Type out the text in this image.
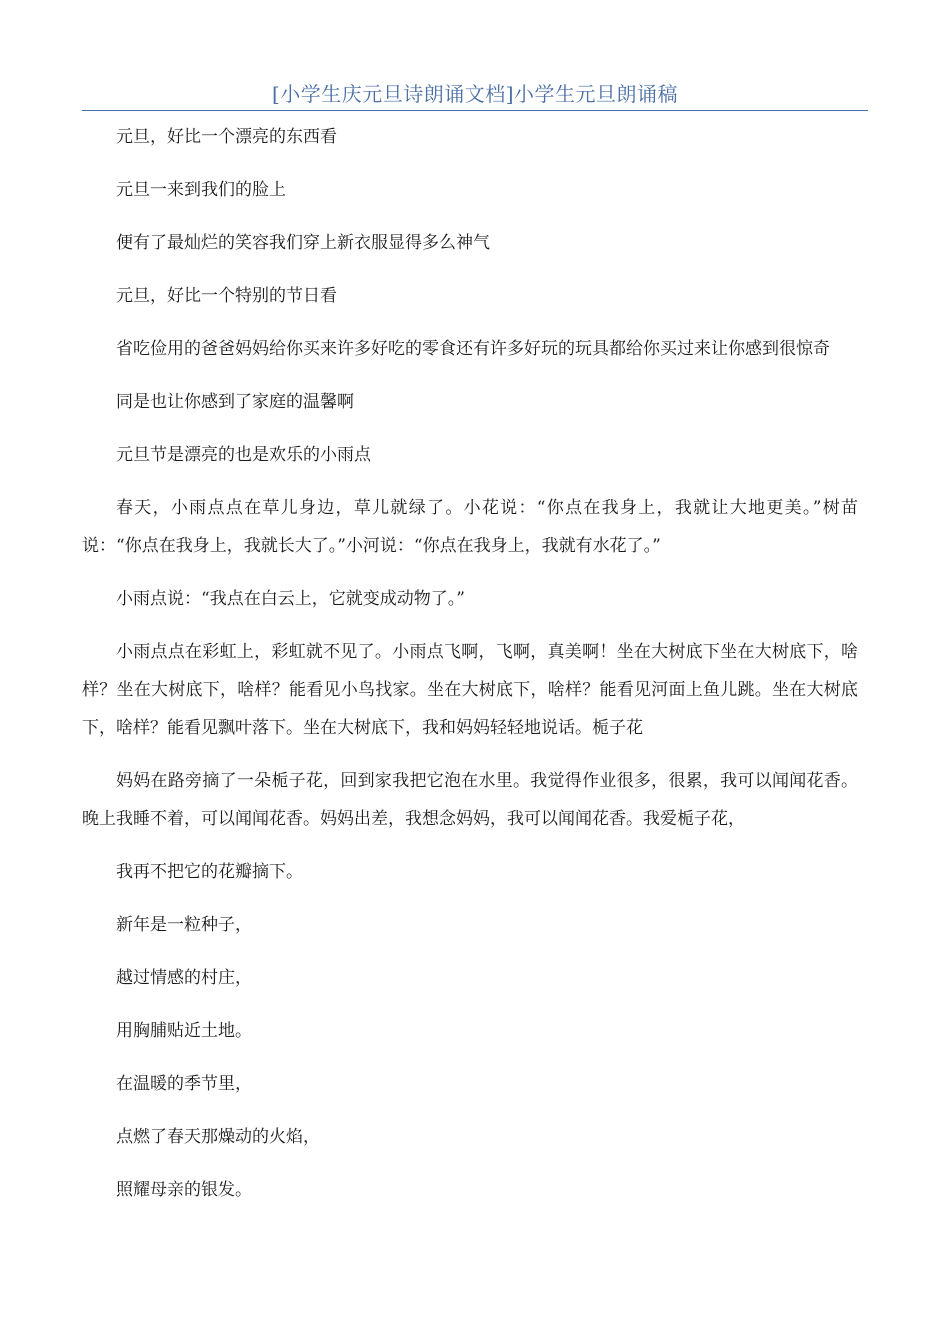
[小学生庆元旦诗朗诵文档]小学生元旦朗诵稿

元旦，好比一个漂亮的东西看

元旦一来到我们的脸上

便有了最灿烂的笑容我们穿上新衣服显得多么神气

元旦，好比一个特别的节日看

省吃俭用的爸爸妈妈给你买来许多好吃的零食还有许多好玩的玩具都给你买过来让你感到很惊奇

同是也让你感到了家庭的温馨啊

元旦节是漂亮的也是欢乐的小雨点

春天，小雨点点在草儿身边，草儿就绿了。小花说：“你点在我身上，我就让大地更美。”树苗说：“你点在我身上，我就长大了。”小河说：“你点在我身上，我就有水花了。”

小雨点说：“我点在白云上，它就变成动物了。”

小雨点点在彩虹上，彩虹就不见了。小雨点飞啊，飞啊，真美啊！坐在大树底下坐在大树底下，啥样？坐在大树底下，啥样？能看见小鸟找家。坐在大树底下，啥样？能看见河面上鱼儿跳。坐在大树底下，啥样？能看见飘叶落下。坐在大树底下，我和妈妈轻轻地说话。栀子花

妈妈在路旁摘了一朵栀子花，回到家我把它泡在水里。我觉得作业很多，很累，我可以闻闻花香。晚上我睡不着，可以闻闻花香。妈妈出差，我想念妈妈，我可以闻闻花香。我爱栀子花，

我再不把它的花瓣摘下。

新年是一粒种子，

越过情感的村庄，

用胸脯贴近土地。

在温暖的季节里，

点燃了春天那燥动的火焰，

照耀母亲的银发。
